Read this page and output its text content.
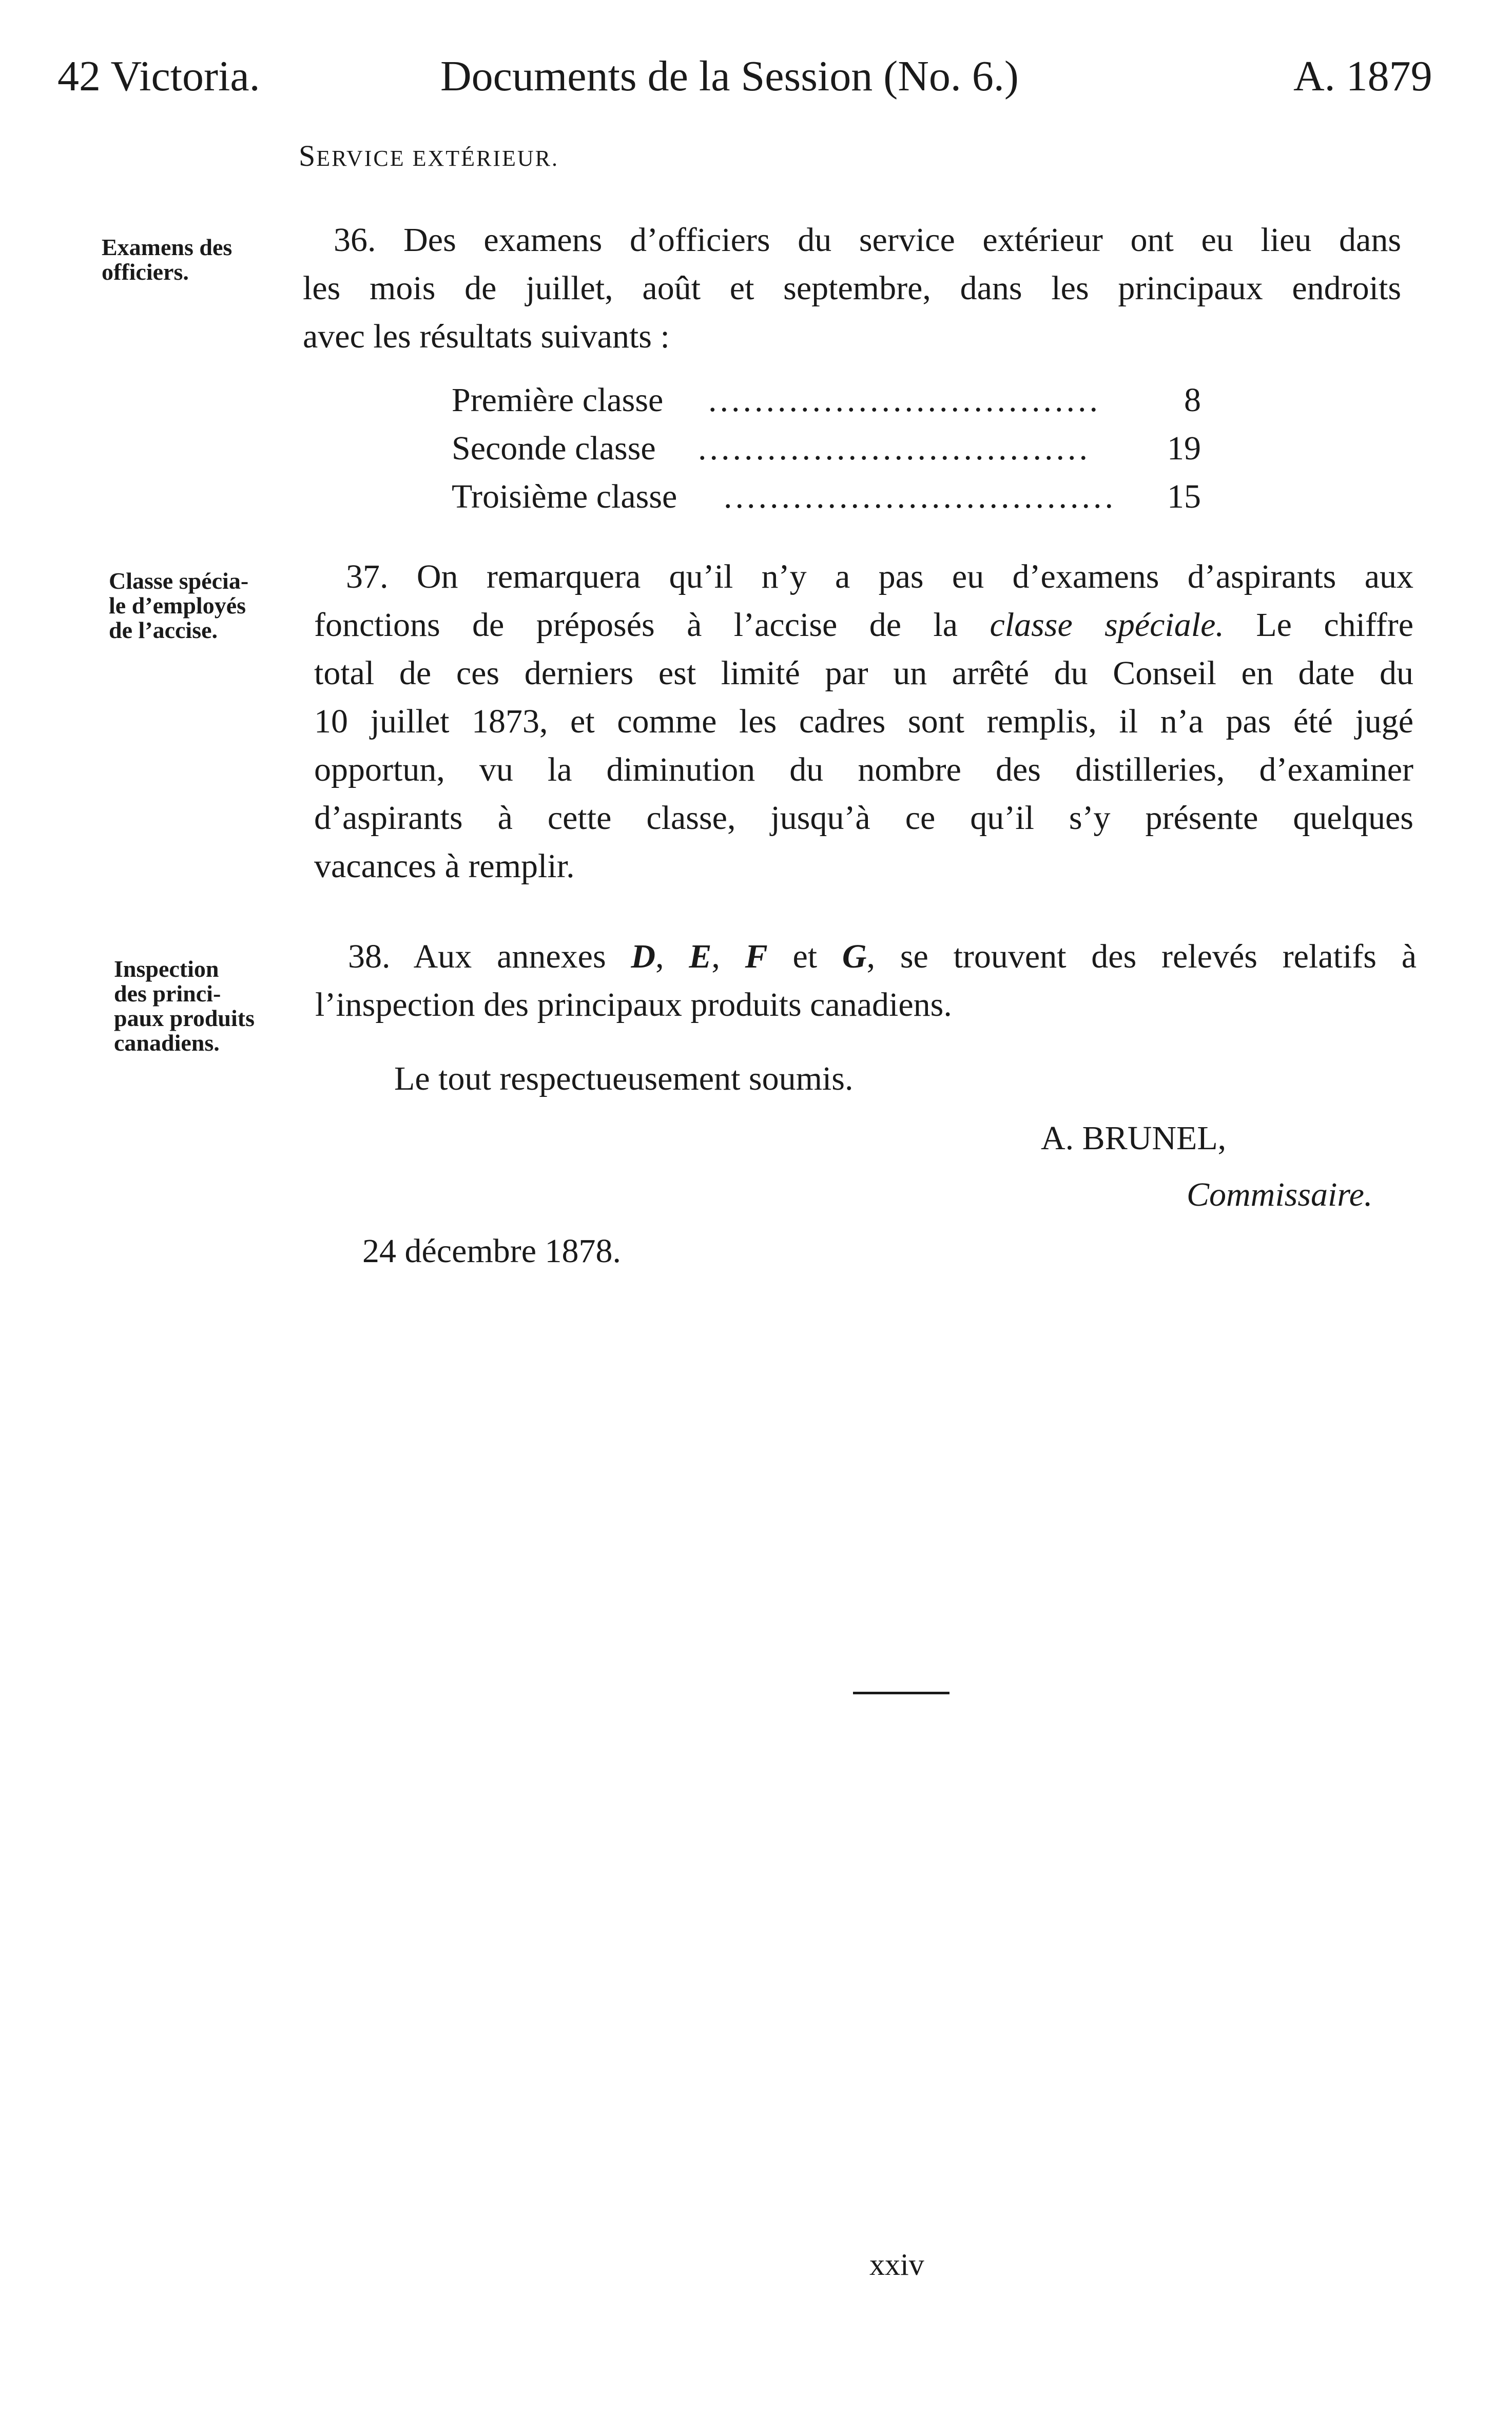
42 Victoria.	Documents de la Session (No. 6.)	A. 1879
SERVICE EXTÉRIEUR.
Examens des
officiers.
36. Des examens d’officiers du service extérieur ont eu lieu dans
les mois de juillet, août et septembre, dans les principaux endroits
avec les résultats suivants :
Première classe ..................................	8
Seconde classe ..................................	19
Troisième classe ..................................	15
Classe spécia-
le d’employés
de l’accise.
37. On remarquera qu’il n’y a pas eu d’examens d’aspirants aux
fonctions de préposés à l’accise de la classe spéciale. Le chiffre
total de ces derniers est limité par un arrêté du Conseil en date du
10 juillet 1873, et comme les cadres sont remplis, il n’a pas été jugé
opportun, vu la diminution du nombre des distilleries, d’examiner
d’aspirants à cette classe, jusqu’à ce qu’il s’y présente quelques
vacances à remplir.
Inspection
des princi-
paux produits
canadiens.
38. Aux annexes D, E, F et G, se trouvent des relevés relatifs à
l’inspection des principaux produits canadiens.
Le tout respectueusement soumis.
A. BRUNEL,
Commissaire.
24 décembre 1878.
xxiv
